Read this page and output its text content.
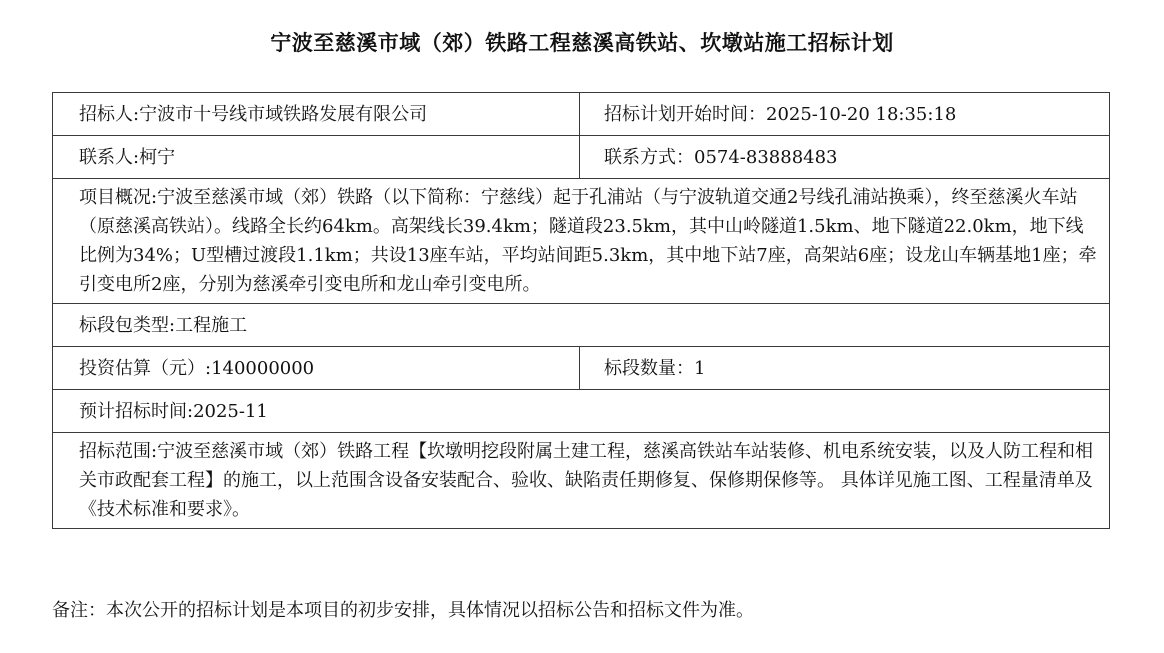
宁波至慈溪市域（郊）铁路工程慈溪高铁站、坎墩站施工招标计划
招标人:宁波市十号线市域铁路发展有限公司	招标计划开始时间：2025-10-20 18:35:18
联系人:柯宁	联系方式：0574-83888483
项目概况:宁波至慈溪市域（郊）铁路（以下简称：宁慈线）起于孔浦站（与宁波轨道交通2号线孔浦站换乘），终至慈溪火车站（原慈溪高铁站）。线路全长约64km。高架线长39.4km；隧道段23.5km，其中山岭隧道1.5km、地下隧道22.0km，地下线比例为34%；U型槽过渡段1.1km；共设13座车站，平均站间距5.3km，其中地下站7座，高架站6座；设龙山车辆基地1座；牵引变电所2座，分别为慈溪牵引变电所和龙山牵引变电所。	
标段包类型:工程施工	
投资估算（元）:140000000	标段数量：1
预计招标时间:2025-11	
招标范围:宁波至慈溪市域（郊）铁路工程【坎墩明挖段附属土建工程，慈溪高铁站车站装修、机电系统安装，以及人防工程和相关市政配套工程】的施工，以上范围含设备安装配合、验收、缺陷责任期修复、保修期保修等。 具体详见施工图、工程量清单及《技术标准和要求》。	
备注：本次公开的招标计划是本项目的初步安排，具体情况以招标公告和招标文件为准。
